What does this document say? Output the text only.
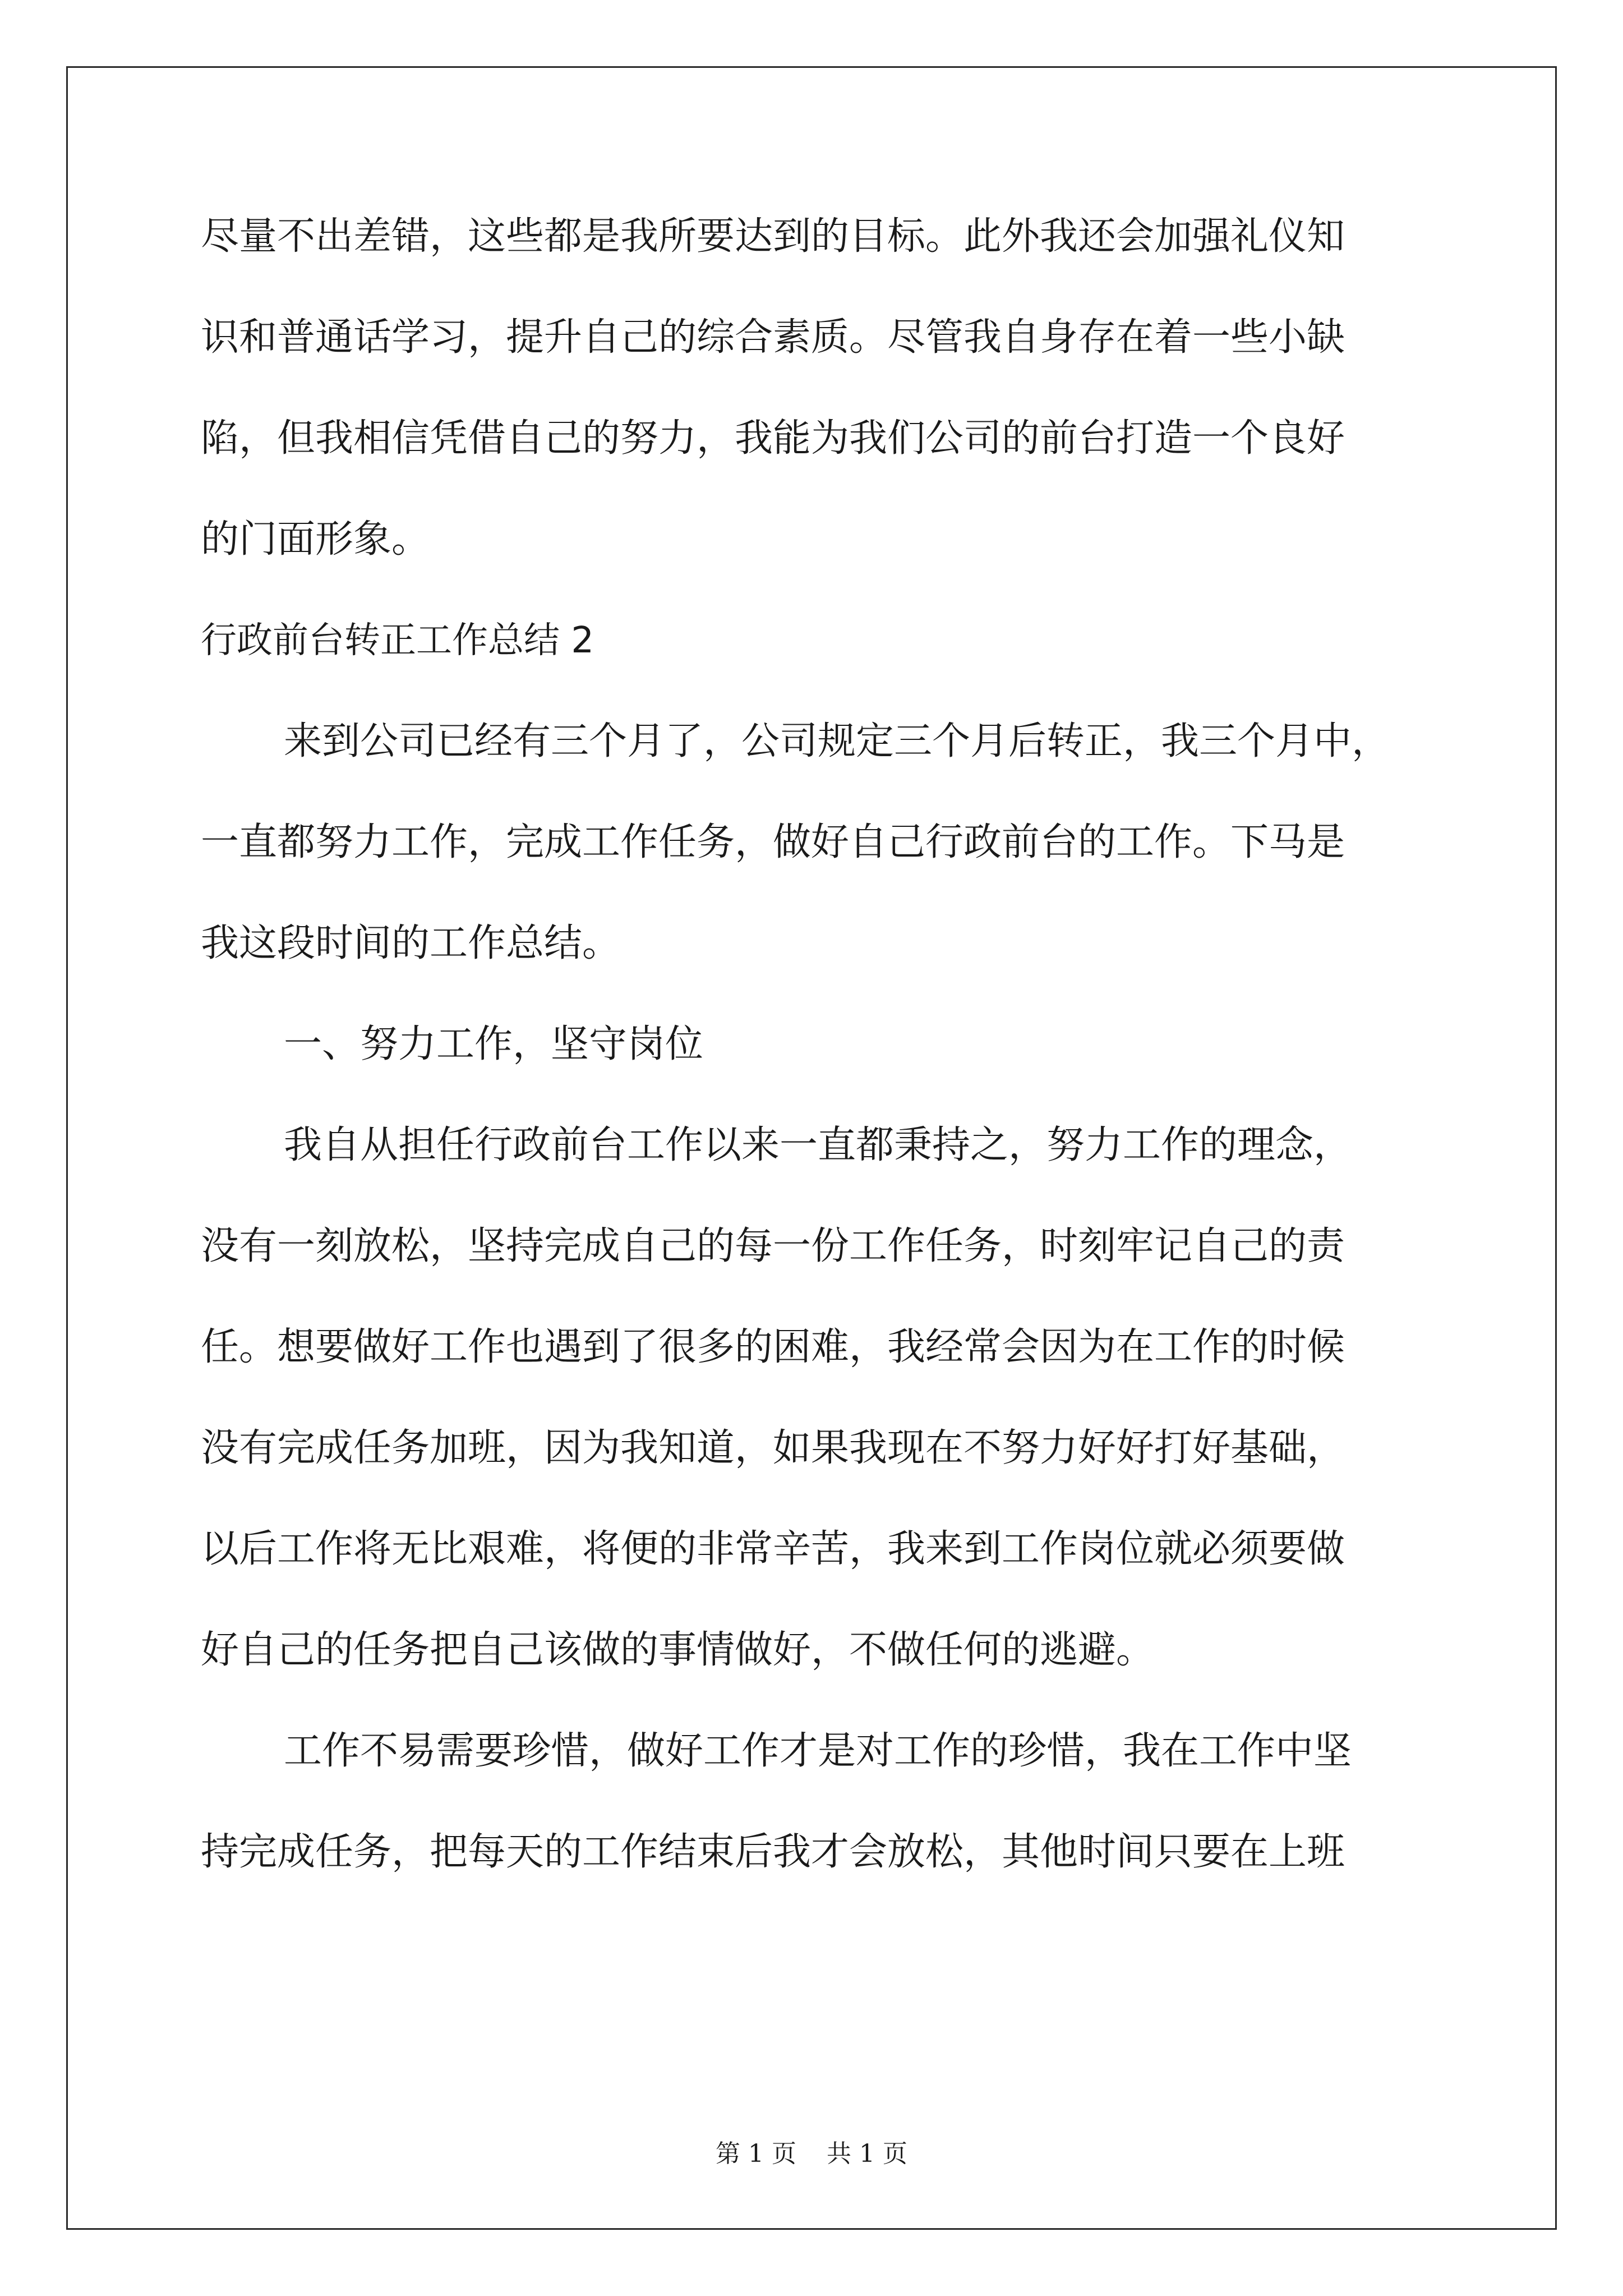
尽量不出差错，这些都是我所要达到的目标。此外我还会加强礼仪知
识和普通话学习，提升自己的综合素质。尽管我自身存在着一些小缺
陷，但我相信凭借自己的努力，我能为我们公司的前台打造一个良好
的门面形象。
行政前台转正工作总结 2
来到公司已经有三个月了，公司规定三个月后转正，我三个月中，
一直都努力工作，完成工作任务，做好自己行政前台的工作。下马是
我这段时间的工作总结。
一、努力工作，坚守岗位
我自从担任行政前台工作以来一直都秉持之，努力工作的理念，
没有一刻放松，坚持完成自己的每一份工作任务，时刻牢记自己的责
任。想要做好工作也遇到了很多的困难，我经常会因为在工作的时候
没有完成任务加班，因为我知道，如果我现在不努力好好打好基础，
以后工作将无比艰难，将便的非常辛苦，我来到工作岗位就必须要做
好自己的任务把自己该做的事情做好，不做任何的逃避。
工作不易需要珍惜，做好工作才是对工作的珍惜，我在工作中坚
持完成任务，把每天的工作结束后我才会放松，其他时间只要在上班
第 1 页 共 1 页
